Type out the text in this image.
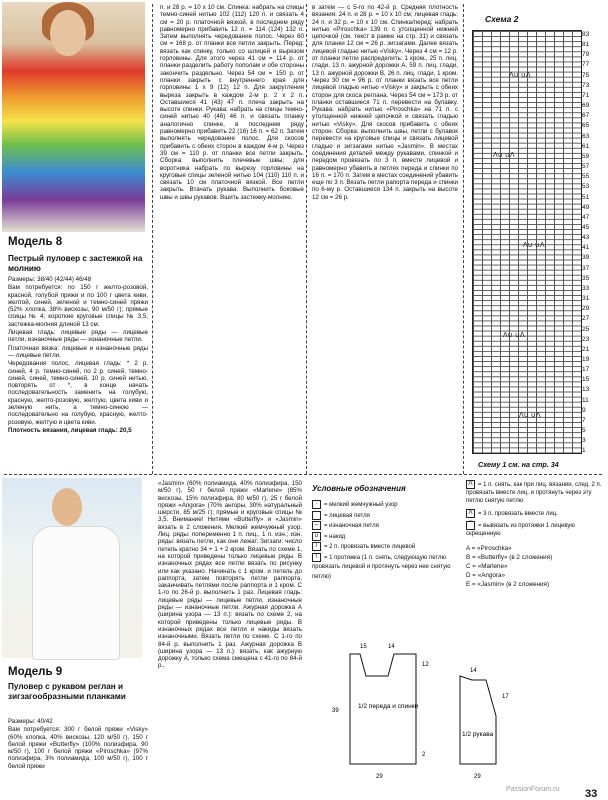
Модель 8
Пестрый пуловер с застежкой на молнию

Размеры: 38/40 (42/44) 46/48

Вам потребуется: по 150 г желто-розовой, красной, голубой пряжи и по 100 г цвета киви, желтой, синей, зеленой и темно-синей пряжи (52% хлопка, 38% вискозы, 90 м/50 г); прямые спицы № 4; короткие круговые спицы № 3,5; застежка-молния длиной 13 см.

Лицевая гладь: лицевые ряды — лицевые петли, изнаночные ряды — изнаночные петли.

Платочная вязка: лицевые и изнаночные ряды — лицевые петли.

Чередования полос, лицевая гладь: * 2 р. синей, 4 р. темно-синей, по 2 р. синей, темно-синей, синей, темно-синей, 10 р. синей нитью, повторять от *, в конце начать последовательность заменить на голубую, красную, желто-розовую, желтую, цвета киви и зеленую нить, а темно-синюю — последовательно на голубую, красную, желто-розовую, желтую и цвета киви.

Плотность вязания, лицевая гладь: 20,5

п. и 28 р. = 10 х 10 см. Спинка: набрать на спицы темно-синей нитью 102 (112) 120 п. и связать 4 см = 20 р. платочной вязкой, в последнем ряду равномерно прибавить 12 п. = 114 (124) 132 п. Затем выполнять чередование полос. Через 60 см = 168 р. от планки все петли закрыть. Перед: вязать как спинку, только со шлицей и вырезом горловины. Для этого через 41 см = 114 р. от планки разделить работу пополам и обе стороны закончить раздельно. Через 54 см = 150 р. от планки закрыть с внутреннего края для горловины 1 х 9 (12) 12 п. Для закругления выреза закрыть в каждом 2-м р. 2 х 2 п. Оставшиеся 41 (43) 47 п. плеча закрыть на высоте спинки. Рукава: набрать на спицы темно-синей нитью 40 (46) 46 п. и связать планку аналогично спинке, в последнем ряду равномерно прибавить 22 (16) 16 п. = 62 п. Затем выполнять чередование полос. Для скосов прибавить с обеих сторон в каждом 4-м р. Через 39 см = 110 р. от планки все петли закрыть. Сборка: выполнить плечевые швы; для воротника набрать по вырезу горловины на круговые спицы зеленой нитью 104 (110) 110 п. и связать 10 см платочной вязкой. Все петли закрыть. Втачать рукава. Выполнить боковые швы и швы рукавов. Вшить застежку-молнию.

в затем — с 5-го по 42-й р. Средняя плотность вязания: 24 п. и 28 р. = 10 х 10 см; лицевая гладь: 24 п. и 32 р. = 10 х 10 см. Спинка/перед: набрать нитью «Piroschka» 139 п. с утолщенной нижней цепочкой (см. текст в рамке на стр. 31) и связать для планки 12 см = 26 р. зигзагами. Далее вязать лицевой гладью нитью «Visky». Через 4 см = 12 р. от планки петли распределить: 1 кром., 25 п. лиц. глади, 13 п. ажурной дорожки А, 59 п. лиц. глади, 13 п. ажурной дорожки В, 26 п. лиц. глади, 1 кром. Через 30 см = 96 р. от планки вязать все петли лицевой гладью нитью «Visky» и закрыть с обеих сторон для скоса реглана. Через 54 см = 173 р. от планки оставшиеся 71 п. перевести на булавку. Рукава: набрать нитью «Piroschka» на 71 п. с утолщенной нижней цепочкой и связать гладью нитью «Visky». Для скосов прибавить с обеих сторон. Сборка: выполнить швы, петли с булавок перевести на круговые спицы и связать лицевой гладью и зигзагами нитью «Jasmin». В местах соединения деталей между рукавами, спинкой и передом провязать по 3 п. вместе лицевой и равномерно убавить в петлях переда и спинки по 16 п. = 170 п. Затем в местах соединений убавить еще по 3 п. Вязать петли рапорта переда и спинки по 6-му р. Оставшиеся 134 п. закрыть на высоте 12 см = 26 р.

Схема 2
Λ∪ ∪Λ
Λ∪ ∪Λ
Λ∪ ∪Λ
Λ∪ ∪Λ
Λ∪ ∪Λ
83
81
79
77
75
73
71
69
67
65
63
61
59
57
55
53
51
49
47
45
43
41
39
37
35
33
31
29
27
25
23
21
19
17
15
13
11
9
7
5
3
1
Схему 1 см. на стр. 34
Модель 9
Пуловер с рукавом реглан и зигзагообразными планками

Размеры: 40/42

Вам потребуется: 300 г белой пряжи «Visky» (60% хлопка, 40% вискозы, 120 м/50 г), 150 г белой пряжи «Butterfly» (100% полиэфира, 90 м/50 г), 100 г белой пряжи «Piroschka» (97% полиэфира, 3% полиамида, 100 м/50 г), 100 г белой пряжи

«Jasmin» (60% полиамида, 40% полиэфира, 150 м/50 г), 50 г белой пряжи «Marlene» (85% вискозы, 15% полиэфира, 80 м/50 г), 25 г белой пряжи «Angora» (70% ангоры, 30% натуральный шерсти, 85 м/25 г); прямые и круговые спицы № 3,5. Внимание! Нитями «Butterfly» и «Jasmin» вязать в 2 сложения. Мелкий жемчужный узор. Лиц. ряды: попеременно 1 п. лиц., 1 п. изн.; изн. ряды: вязать петли, как они лежат. Зигзаги: число петель кратно 34 + 1 + 2 кром. Вязать по схеме 1, на которой приведены только лицевые ряды. В изнаночных рядах все петли вязать по рисунку или как указано. Начинать с 1 кром. и петель до раппорта, затем повторять петли раппорта, заканчивать петлями после раппорта и 1 кром. С 1-го по 26-й р. выполнить 1 раз. Лицевая гладь: лицевые ряды — лицевые петли, изнаночные ряды — изнаночные петли. Ажурная дорожка А (ширина узора — 13 п.): вязать по схеме 2, на которой приведены только лицевые ряды. В изнаночных рядах все петли и накиды вязать изнаночными. Вязать петли по схеме. С 1-го по 84-й р. выполнить 1 раз. Ажурная дорожка В (ширина узора — 13 п.): вязать, как ажурную дорожку А, только схема смещена с 41-го по 84-й р.,

Условные обозначения
· = мелкий жемчужный узор
= лицевая петля
– = изнаночная петля
∪ = накид
/ = 2 п. провязать вместе лицевой
\ = 1 протяжка (1 п. снять, следующую петлю провязать лицевой и протянуть через нее снятую петлю)
Λ = 1 п. снять, как при лиц. вязании, след. 2 п. провязать вместе лиц. и протянуть через эту петлю снятую петлю
Λ = 3 п. провязать вместе лиц.
⌒ = вывязать из протяжки 1 лицевую скрещенную
A = «Piroschka»
B = «Butterfly» (в 2 сложения)
C = «Marlene»
D = «Angora»
E = «Jasmin» (в 2 сложения)
1/2 переда и спинки
1/2 рукава
15	14
39
12
2
29	29
14
17
PassionForum.ru 33
